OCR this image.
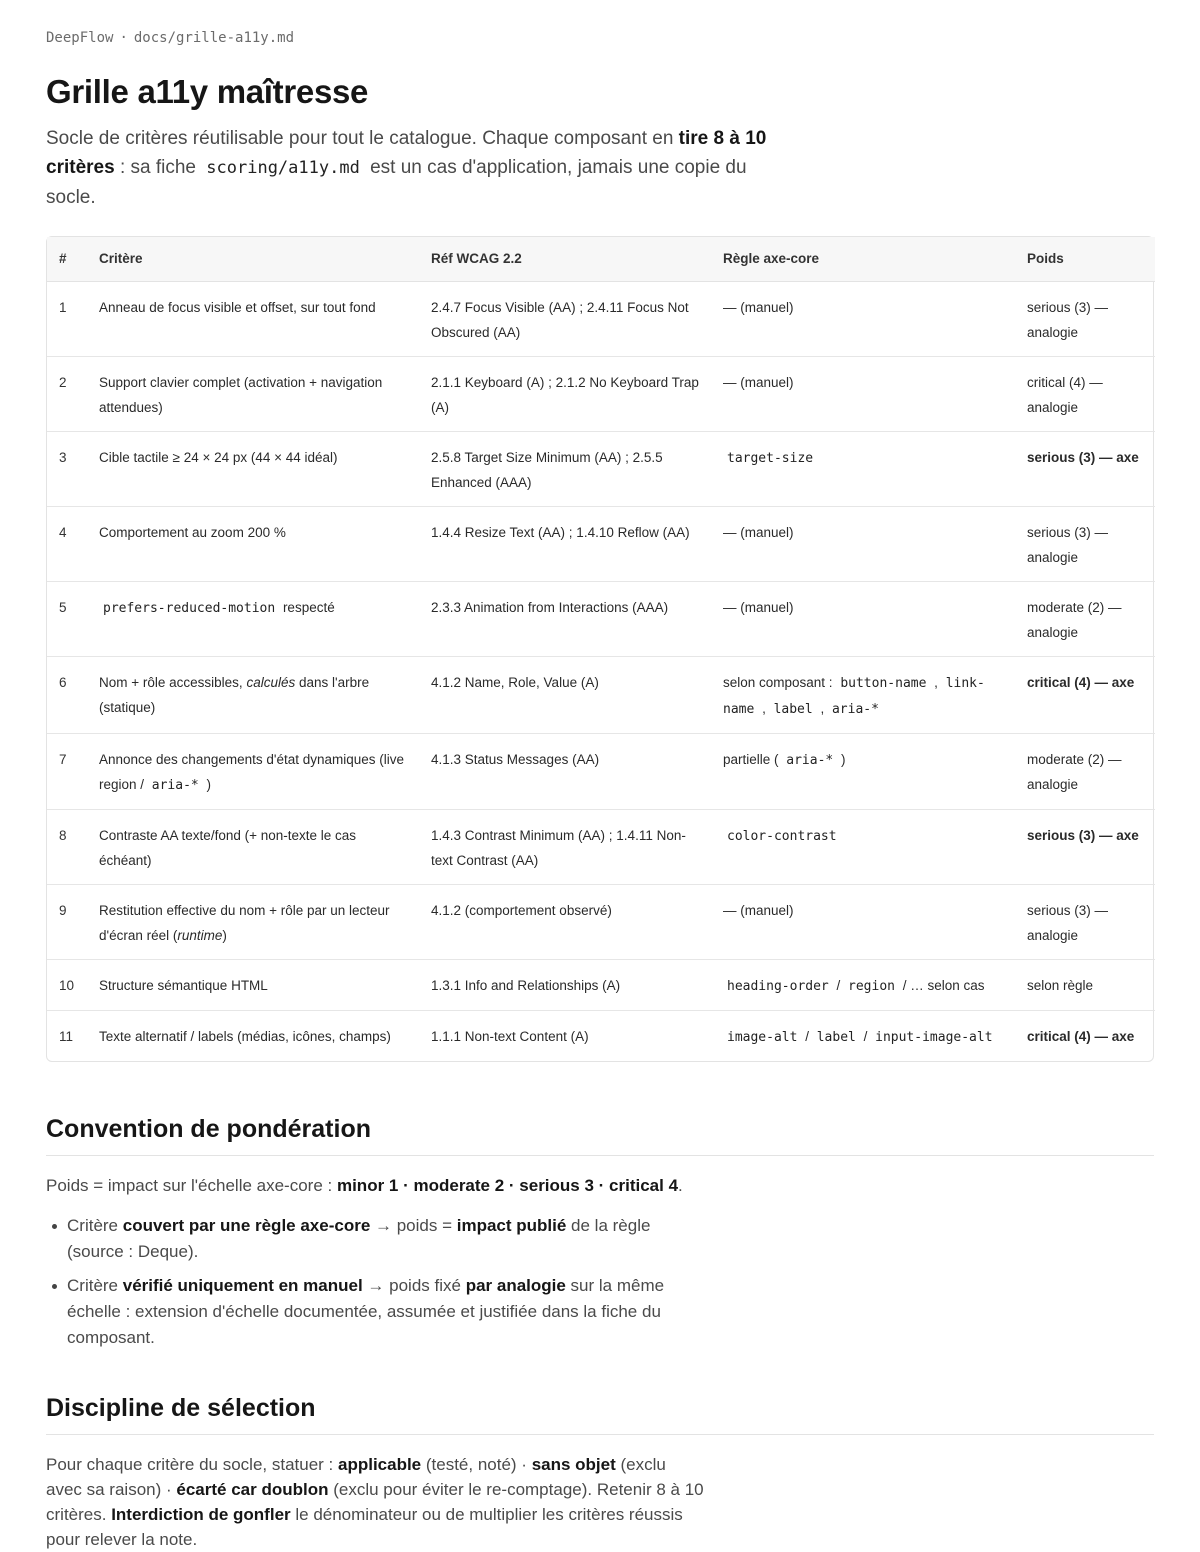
DeepFlow · docs/grille-a11y.md
Grille a11y maîtresse

Socle de critères réutilisable pour tout le catalogue. Chaque composant en tire 8 à 10 critères : sa fiche scoring/a11y.md est un cas d'application, jamais une copie du socle.

#	Critère	Réf WCAG 2.2	Règle axe-core	Poids
1	Anneau de focus visible et offset, sur tout fond	2.4.7 Focus Visible (AA) ; 2.4.11 Focus Not Obscured (AA)	— (manuel)	serious (3) — analogie
2	Support clavier complet (activation + navigation attendues)	2.1.1 Keyboard (A) ; 2.1.2 No Keyboard Trap (A)	— (manuel)	critical (4) — analogie
3	Cible tactile ≥ 24 × 24 px (44 × 44 idéal)	2.5.8 Target Size Minimum (AA) ; 2.5.5 Enhanced (AAA)	target-size	serious (3) — axe
4	Comportement au zoom 200 %	1.4.4 Resize Text (AA) ; 1.4.10 Reflow (AA)	— (manuel)	serious (3) — analogie
5	prefers-reduced-motion respecté	2.3.3 Animation from Interactions (AAA)	— (manuel)	moderate (2) — analogie
6	Nom + rôle accessibles, calculés dans l'arbre (statique)	4.1.2 Name, Role, Value (A)	selon composant : button-name , link-name , label , aria-*	critical (4) — axe
7	Annonce des changements d'état dynamiques (live region / aria-* )	4.1.3 Status Messages (AA)	partielle ( aria-* )	moderate (2) — analogie
8	Contraste AA texte/fond (+ non-texte le cas échéant)	1.4.3 Contrast Minimum (AA) ; 1.4.11 Non-text Contrast (AA)	color-contrast	serious (3) — axe
9	Restitution effective du nom + rôle par un lecteur d'écran réel (runtime)	4.1.2 (comportement observé)	— (manuel)	serious (3) — analogie
10	Structure sémantique HTML	1.3.1 Info and Relationships (A)	heading-order / region / … selon cas	selon règle
11	Texte alternatif / labels (médias, icônes, champs)	1.1.1 Non-text Content (A)	image-alt / label / input-image-alt	critical (4) — axe
Convention de pondération

Poids = impact sur l'échelle axe-core : minor 1 · moderate 2 · serious 3 · critical 4.

Critère couvert par une règle axe-core → poids = impact publié de la règle (source : Deque).
Critère vérifié uniquement en manuel → poids fixé par analogie sur la même échelle : extension d'échelle documentée, assumée et justifiée dans la fiche du composant.
Discipline de sélection

Pour chaque critère du socle, statuer : applicable (testé, noté) · sans objet (exclu avec sa raison) · écarté car doublon (exclu pour éviter le re-comptage). Retenir 8 à 10 critères. Interdiction de gonfler le dénominateur ou de multiplier les critères réussis pour relever la note.
